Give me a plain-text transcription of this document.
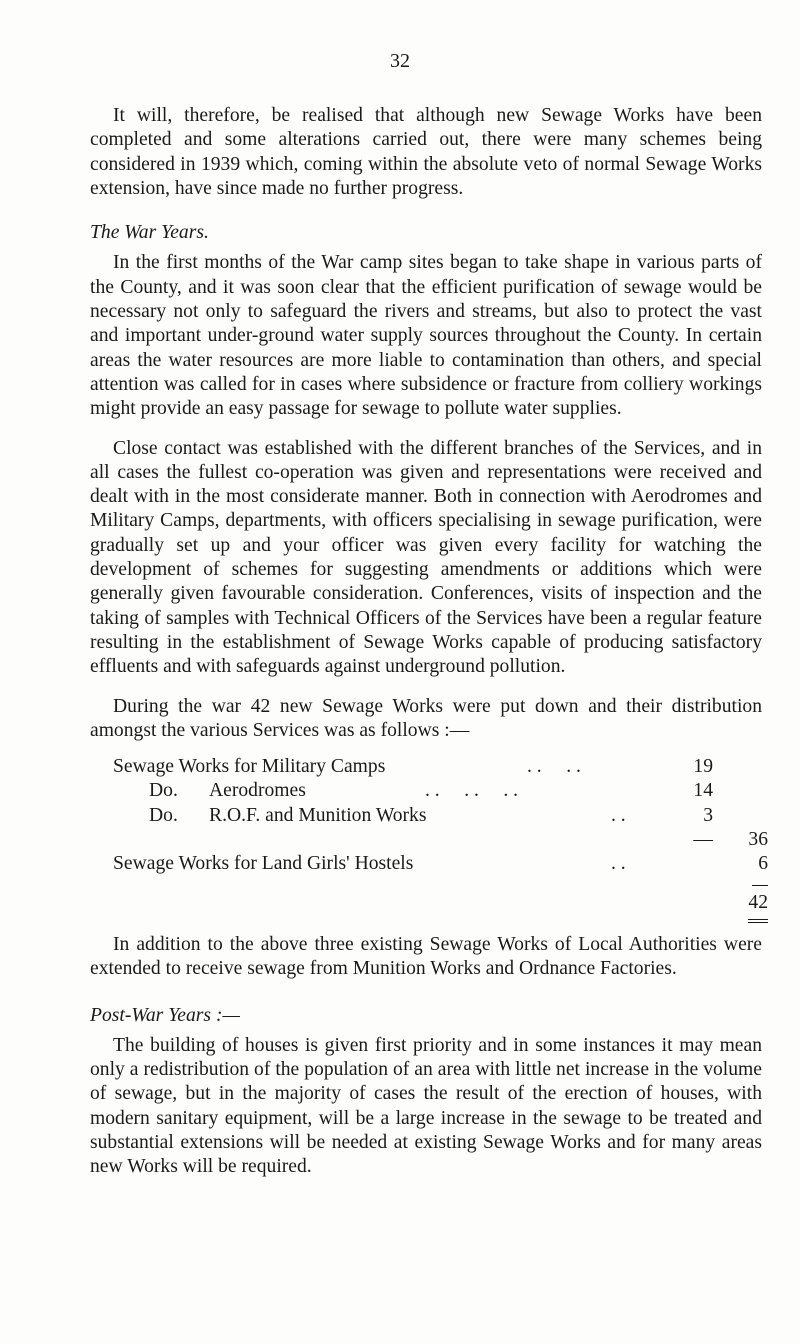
32

It will, therefore, be realised that although new Sewage Works have been completed and some alterations carried out, there were many schemes being considered in 1939 which, coming within the absolute veto of normal Sewage Works extension, have since made no further progress.

The War Years.

In the first months of the War camp sites began to take shape in various parts of the County, and it was soon clear that the efficient purification of sewage would be necessary not only to safeguard the rivers and streams, but also to protect the vast and important under-ground water supply sources throughout the County. In certain areas the water resources are more liable to contamination than others, and special attention was called for in cases where subsidence or fracture from colliery workings might provide an easy passage for sewage to pollute water supplies.

Close contact was established with the different branches of the Services, and in all cases the fullest co-operation was given and representations were received and dealt with in the most considerate manner. Both in connection with Aerodromes and Military Camps, departments, with officers specialising in sewage purification, were gradually set up and your officer was given every facility for watching the development of schemes for suggesting amendments or additions which were generally given favourable consideration. Conferences, visits of inspection and the taking of samples with Technical Officers of the Services have been a regular feature resulting in the establishment of Sewage Works capable of producing satisfactory effluents and with safeguards against underground pollution.

During the war 42 new Sewage Works were put down and their distribution amongst the various Services was as follows :—

Sewage Works for Military Camps	. .     . .	19
Do. Aerodromes	. .     . .     . .	14
Do. R.O.F. and Munition Works	. .	3
— 36
Sewage Works for Land Girls' Hostels	. .	6
42

In addition to the above three existing Sewage Works of Local Authorities were extended to receive sewage from Munition Works and Ordnance Factories.

Post-War Years :—

The building of houses is given first priority and in some instances it may mean only a redistribution of the population of an area with little net increase in the volume of sewage, but in the majority of cases the result of the erection of houses, with modern sanitary equipment, will be a large increase in the sewage to be treated and substantial extensions will be needed at existing Sewage Works and for many areas new Works will be required.
